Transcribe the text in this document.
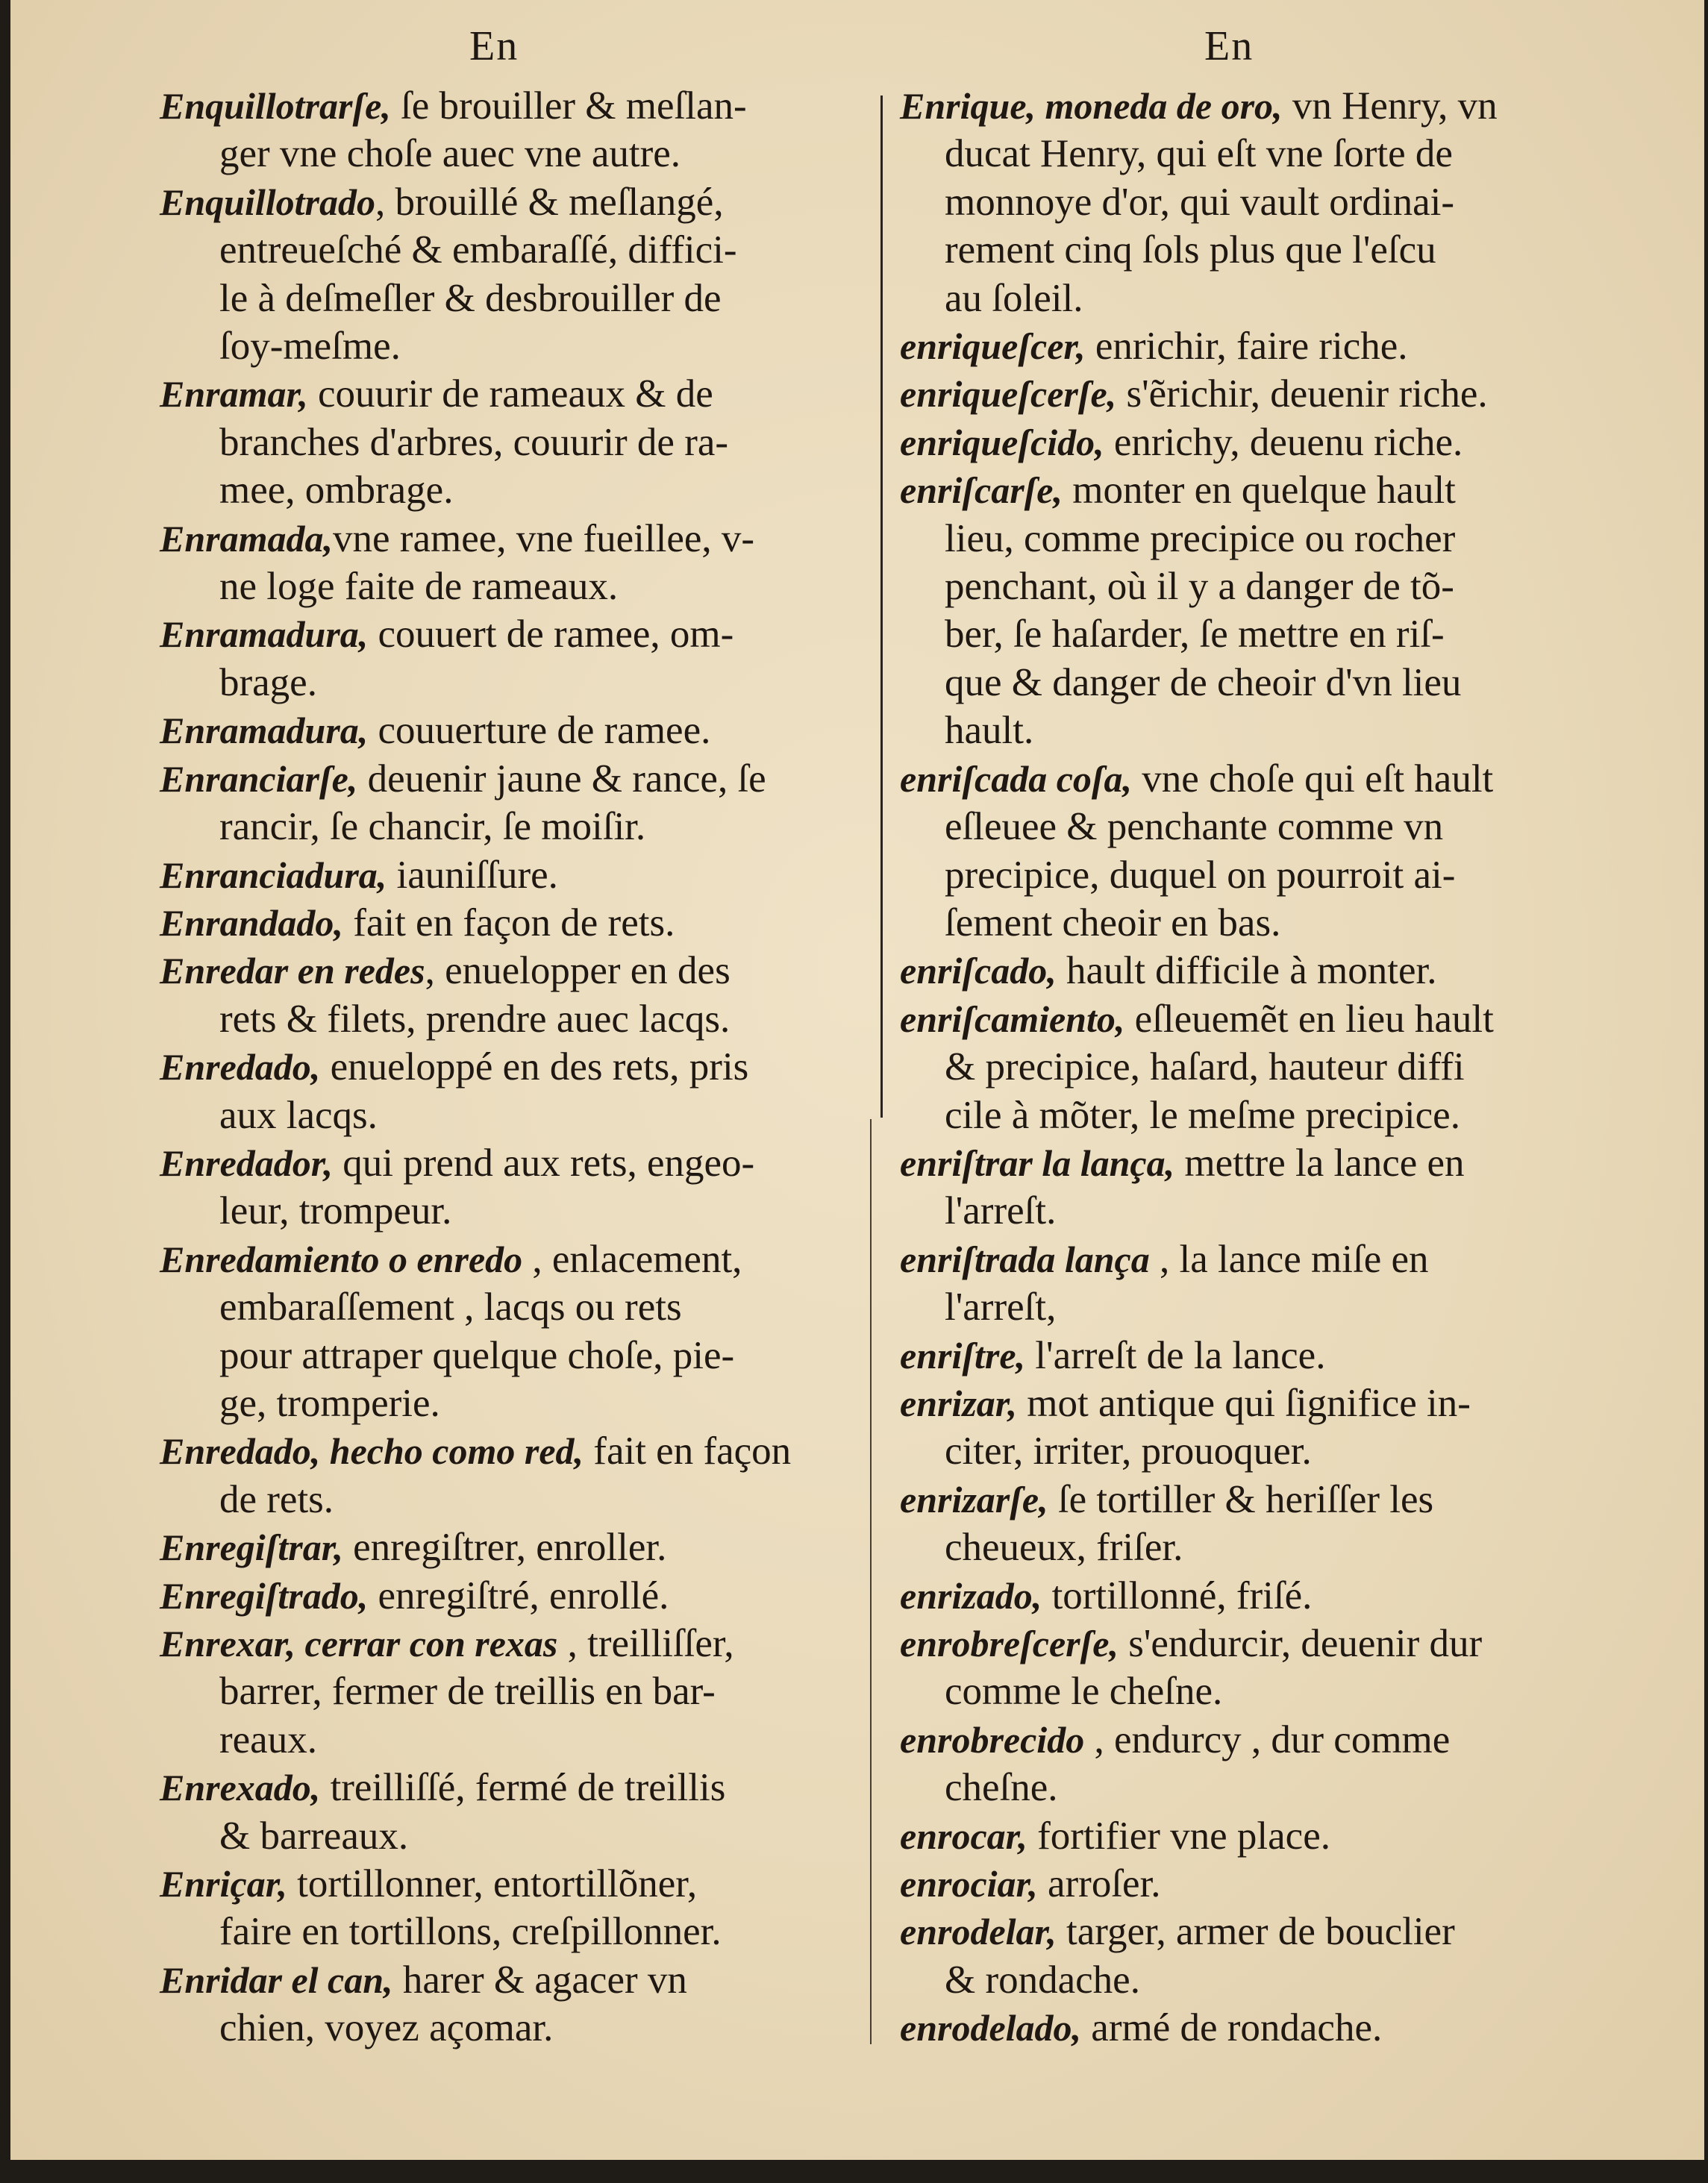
En	En
Enquillotrarſe, ſe brouiller & meſlan-
ger vne choſe auec vne autre.
Enquillotrado, brouillé & meſlangé,
entreueſché & embaraſſé, diffici-
le à deſmeſler & desbrouiller de
ſoy-meſme.
Enramar, couurir de rameaux & de
branches d'arbres, couurir de ra-
mee, ombrage.
Enramada,vne ramee, vne fueillee, v-
ne loge faite de rameaux.
Enramadura, couuert de ramee, om-
brage.
Enramadura, couuerture de ramee.
Enranciarſe, deuenir jaune & rance, ſe
rancir, ſe chancir, ſe moiſir.
Enranciadura, iauniſſure.
Enrandado, fait en façon de rets.
Enredar en redes, enuelopper en des
rets & filets, prendre auec lacqs.
Enredado, enueloppé en des rets, pris
aux lacqs.
Enredador, qui prend aux rets, engeo-
leur, trompeur.
Enredamiento o enredo , enlacement,
embaraſſement , lacqs ou rets
pour attraper quelque choſe, pie-
ge, tromperie.
Enredado, hecho como red, fait en façon
de rets.
Enregiſtrar, enregiſtrer, enroller.
Enregiſtrado, enregiſtré, enrollé.
Enrexar, cerrar con rexas , treilliſſer,
barrer, fermer de treillis en bar-
reaux.
Enrexado, treilliſſé, fermé de treillis
& barreaux.
Enriçar, tortillonner, entortillõner,
faire en tortillons, creſpillonner.
Enridar el can, harer & agacer vn
chien, voyez açomar.
Enrique, moneda de oro, vn Henry, vn
ducat Henry, qui eſt vne ſorte de
monnoye d'or, qui vault ordinai-
rement cinq ſols plus que l'eſcu
au ſoleil.
enriqueſcer, enrichir, faire riche.
enriqueſcerſe, s'ẽrichir, deuenir riche.
enriqueſcido, enrichy, deuenu riche.
enriſcarſe, monter en quelque hault
lieu, comme precipice ou rocher
penchant, où il y a danger de tõ-
ber, ſe haſarder, ſe mettre en riſ-
que & danger de cheoir d'vn lieu
hault.
enriſcada coſa, vne choſe qui eſt hault
eſleuee & penchante comme vn
precipice, duquel on pourroit ai-
ſement cheoir en bas.
enriſcado, hault difficile à monter.
enriſcamiento, eſleuemẽt en lieu hault
& precipice, haſard, hauteur diffi
cile à mõter, le meſme precipice.
enriſtrar la lança, mettre la lance en
l'arreſt.
enriſtrada lança , la lance miſe en
l'arreſt,
enriſtre, l'arreſt de la lance.
enrizar, mot antique qui ſignifice in-
citer, irriter, prouoquer.
enrizarſe, ſe tortiller & heriſſer les
cheueux, friſer.
enrizado, tortillonné, friſé.
enrobreſcerſe, s'endurcir, deuenir dur
comme le cheſne.
enrobrecido , endurcy , dur comme
cheſne.
enrocar, fortifier vne place.
enrociar, arroſer.
enrodelar, targer, armer de bouclier
& rondache.
enrodelado, armé de rondache.
